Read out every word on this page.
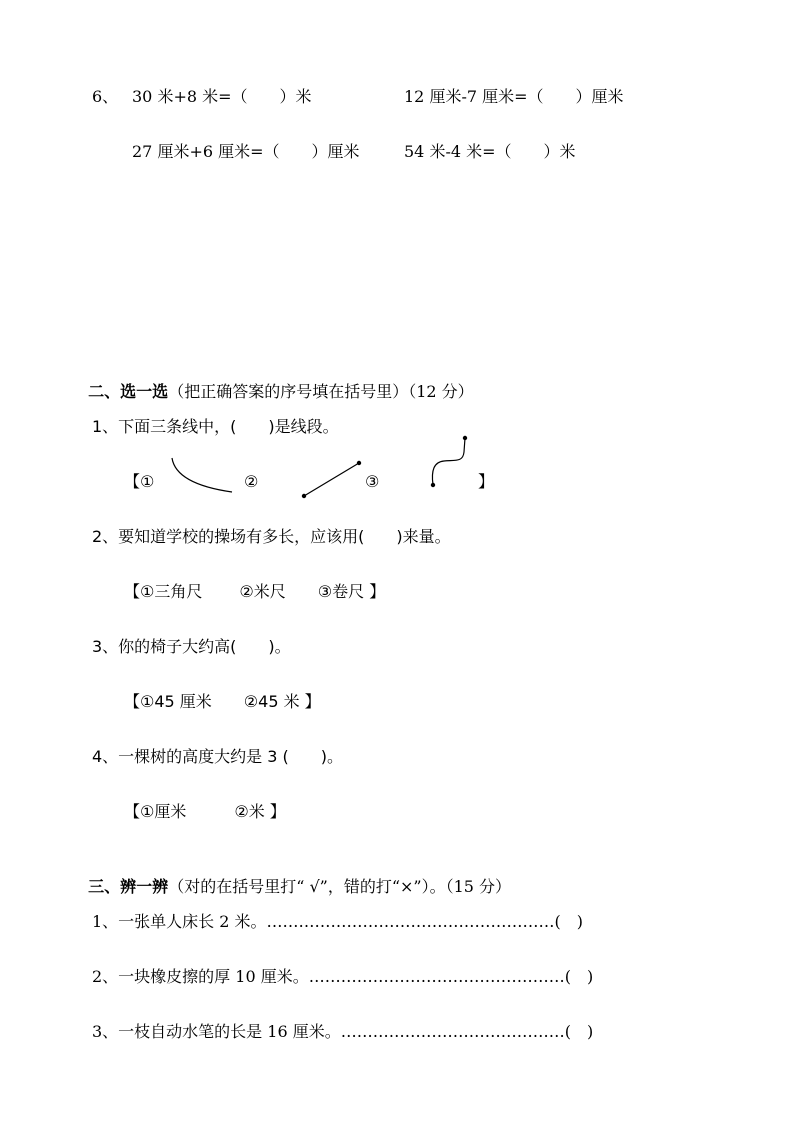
6、 30 米+8 米=（　　）米	12 厘米-7 厘米=（　　）厘米
27 厘米+6 厘米=（　　）厘米	54 米-4 米=（　　）米

二、选一选（把正确答案的序号填在括号里）（12 分）

1、下面三条线中，(　　)是线段。
【①	②	③	】
2、要知道学校的操场有多长，应该用(　　)来量。
【①三角尺　　 ②米尺　　③卷尺 】
3、你的椅子大约高(　　)。
【①45 厘米　　②45 米 】
4、一棵树的高度大约是 3 (　　)。
【①厘米　　　②米 】

三、辨一辨（对的在括号里打“ √”，错的打“×”）。（15 分）

1、一张单人床长 2 米。………………………………………………(　)
2、一块橡皮擦的厚 10 厘米。…………………………………………(　)
3、一枝自动水笔的长是 16 厘米。……………………………………(　)
